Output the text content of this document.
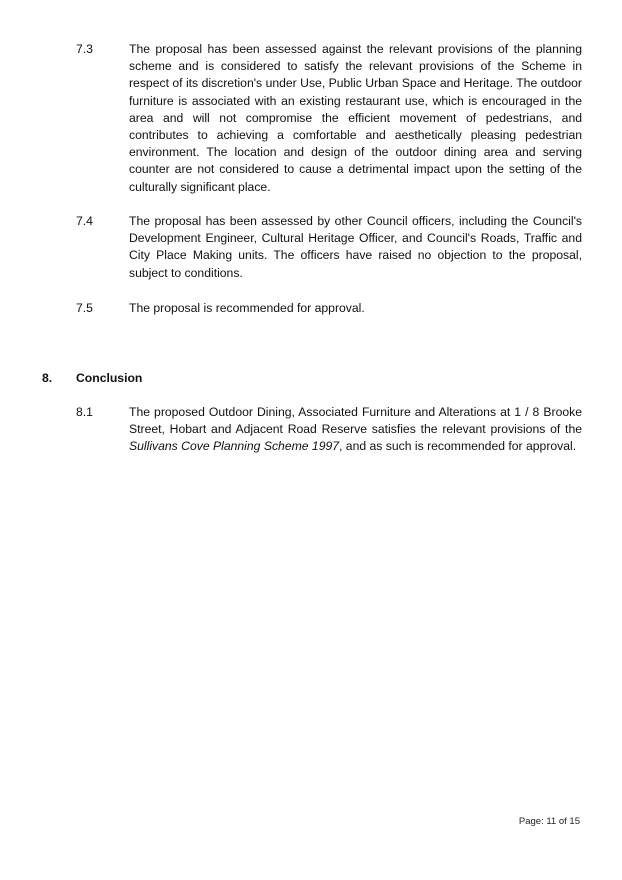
7.3	The proposal has been assessed against the relevant provisions of the planning scheme and is considered to satisfy the relevant provisions of the Scheme in respect of its discretion's under Use, Public Urban Space and Heritage. The outdoor furniture is associated with an existing restaurant use, which is encouraged in the area and will not compromise the efficient movement of pedestrians, and contributes to achieving a comfortable and aesthetically pleasing pedestrian environment. The location and design of the outdoor dining area and serving counter are not considered to cause a detrimental impact upon the setting of the culturally significant place.
7.4	The proposal has been assessed by other Council officers, including the Council's Development Engineer, Cultural Heritage Officer, and Council's Roads, Traffic and City Place Making units. The officers have raised no objection to the proposal, subject to conditions.
7.5	The proposal is recommended for approval.
8. Conclusion
8.1	The proposed Outdoor Dining, Associated Furniture and Alterations at 1 / 8 Brooke Street, Hobart and Adjacent Road Reserve satisfies the relevant provisions of the Sullivans Cove Planning Scheme 1997, and as such is recommended for approval.
Page: 11 of 15
